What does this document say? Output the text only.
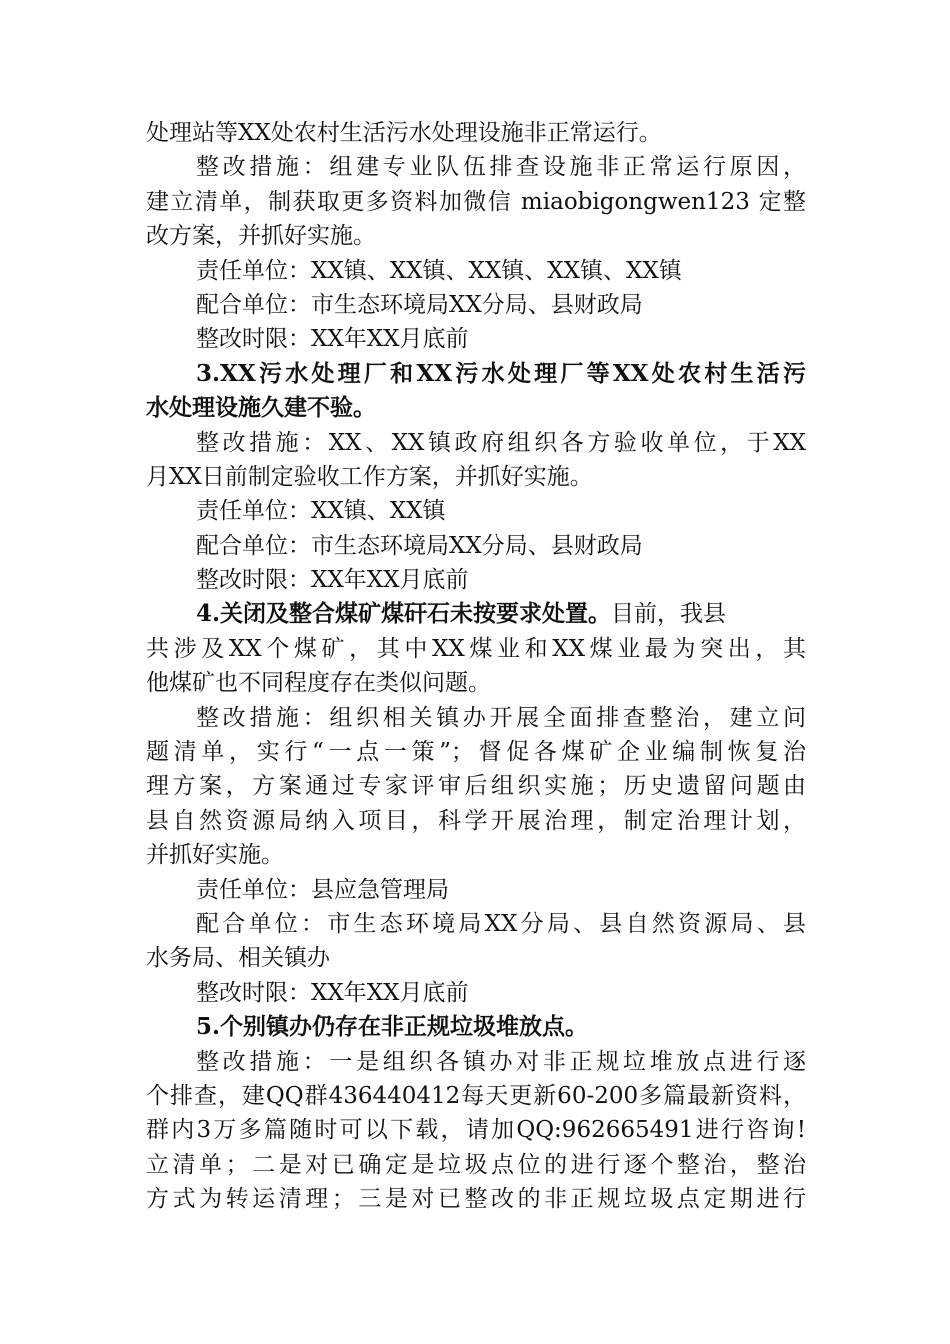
处理站等XX处农村生活污水处理设施非正常运行。
整改措施：组建专业队伍排查设施非正常运行原因，
建立清单，制获取更多资料加微信 miaobigongwen123 定整
改方案，并抓好实施。
责任单位：XX镇、XX镇、XX镇、XX镇、XX镇
配合单位：市生态环境局XX分局、县财政局
整改时限：XX年XX月底前
3.XX污水处理厂和XX污水处理厂等XX处农村生活污
水处理设施久建不验。
整改措施：XX、XX镇政府组织各方验收单位，于XX
月XX日前制定验收工作方案，并抓好实施。
责任单位：XX镇、XX镇
配合单位：市生态环境局XX分局、县财政局
整改时限：XX年XX月底前
4.关闭及整合煤矿煤矸石未按要求处置。目前，我县
共涉及XX个煤矿，其中XX煤业和XX煤业最为突出，其
他煤矿也不同程度存在类似问题。
整改措施：组织相关镇办开展全面排查整治，建立问
题清单，实行“一点一策”；督促各煤矿企业编制恢复治
理方案，方案通过专家评审后组织实施；历史遗留问题由
县自然资源局纳入项目，科学开展治理，制定治理计划，
并抓好实施。
责任单位：县应急管理局
配合单位：市生态环境局XX分局、县自然资源局、县
水务局、相关镇办
整改时限：XX年XX月底前
5.个别镇办仍存在非正规垃圾堆放点。
整改措施：一是组织各镇办对非正规垃堆放点进行逐
个排查，建QQ群436440412每天更新60-200多篇最新资料，
群内3万多篇随时可以下载，请加QQ:962665491进行咨询!
立清单；二是对已确定是垃圾点位的进行逐个整治，整治
方式为转运清理；三是对已整改的非正规垃圾点定期进行
